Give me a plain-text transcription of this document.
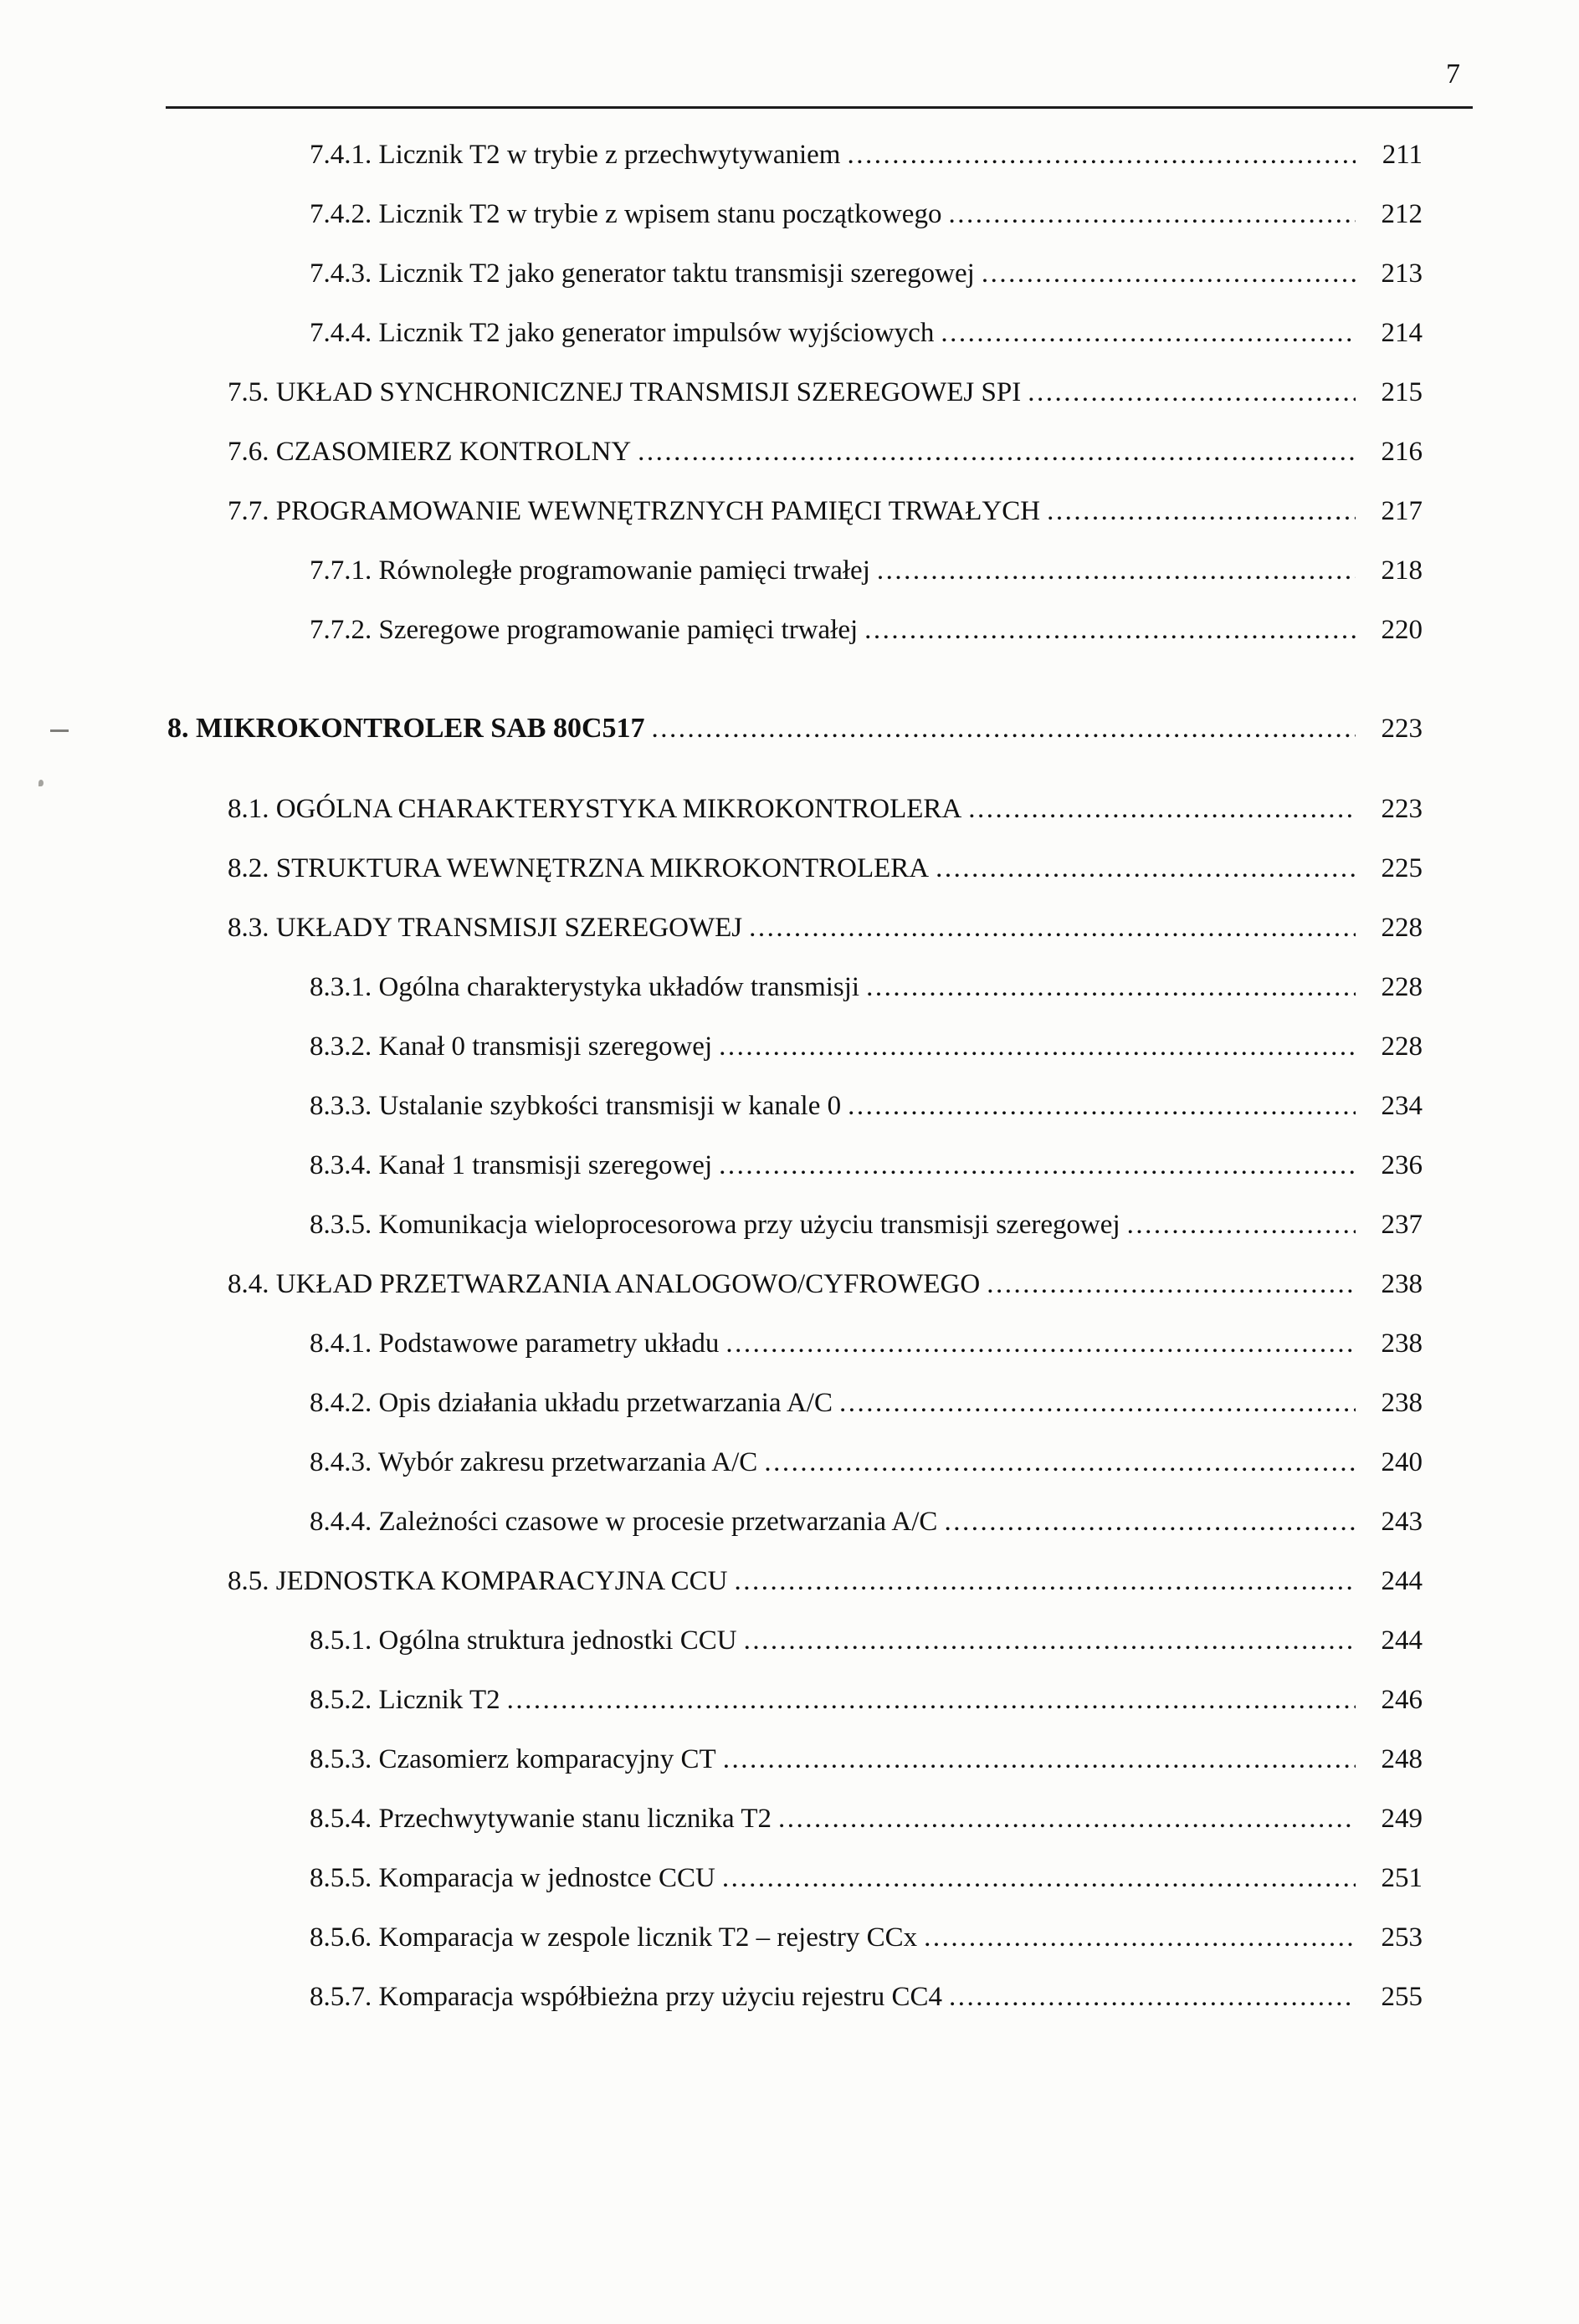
7
7.4.1. Licznik T2 w trybie z przechwytywaniem .....	211
7.4.2. Licznik T2 w trybie z wpisem stanu początkowego .....	212
7.4.3. Licznik T2 jako generator taktu transmisji szeregowej .....	213
7.4.4. Licznik T2 jako generator impulsów wyjściowych .....	214
7.5. UKŁAD SYNCHRONICZNEJ TRANSMISJI SZEREGOWEJ SPI .....	215
7.6. CZASOMIERZ KONTROLNY .....	216
7.7. PROGRAMOWANIE WEWNĘTRZNYCH PAMIĘCI TRWAŁYCH .....	217
7.7.1. Równoległe programowanie pamięci trwałej .....	218
7.7.2. Szeregowe programowanie pamięci trwałej .....	220
8. MIKROKONTROLER SAB 80C517 .....	223
8.1. OGÓLNA CHARAKTERYSTYKA MIKROKONTROLERA .....	223
8.2. STRUKTURA WEWNĘTRZNA MIKROKONTROLERA .....	225
8.3. UKŁADY TRANSMISJI SZEREGOWEJ .....	228
8.3.1. Ogólna charakterystyka układów transmisji .....	228
8.3.2. Kanał 0 transmisji szeregowej .....	228
8.3.3. Ustalanie szybkości transmisji w kanale 0 .....	234
8.3.4. Kanał 1 transmisji szeregowej .....	236
8.3.5. Komunikacja wieloprocesorowa przy użyciu transmisji szeregowej .....	237
8.4. UKŁAD PRZETWARZANIA ANALOGOWO/CYFROWEGO .....	238
8.4.1. Podstawowe parametry układu .....	238
8.4.2. Opis działania układu przetwarzania A/C .....	238
8.4.3. Wybór zakresu przetwarzania A/C .....	240
8.4.4. Zależności czasowe w procesie przetwarzania A/C .....	243
8.5. JEDNOSTKA KOMPARACYJNA CCU .....	244
8.5.1. Ogólna struktura jednostki CCU .....	244
8.5.2. Licznik T2 .....	246
8.5.3. Czasomierz komparacyjny CT .....	248
8.5.4. Przechwytywanie stanu licznika T2 .....	249
8.5.5. Komparacja w jednostce CCU .....	251
8.5.6. Komparacja w zespole licznik T2 – rejestry CCx .....	253
8.5.7. Komparacja współbieżna przy użyciu rejestru CC4 .....	255
